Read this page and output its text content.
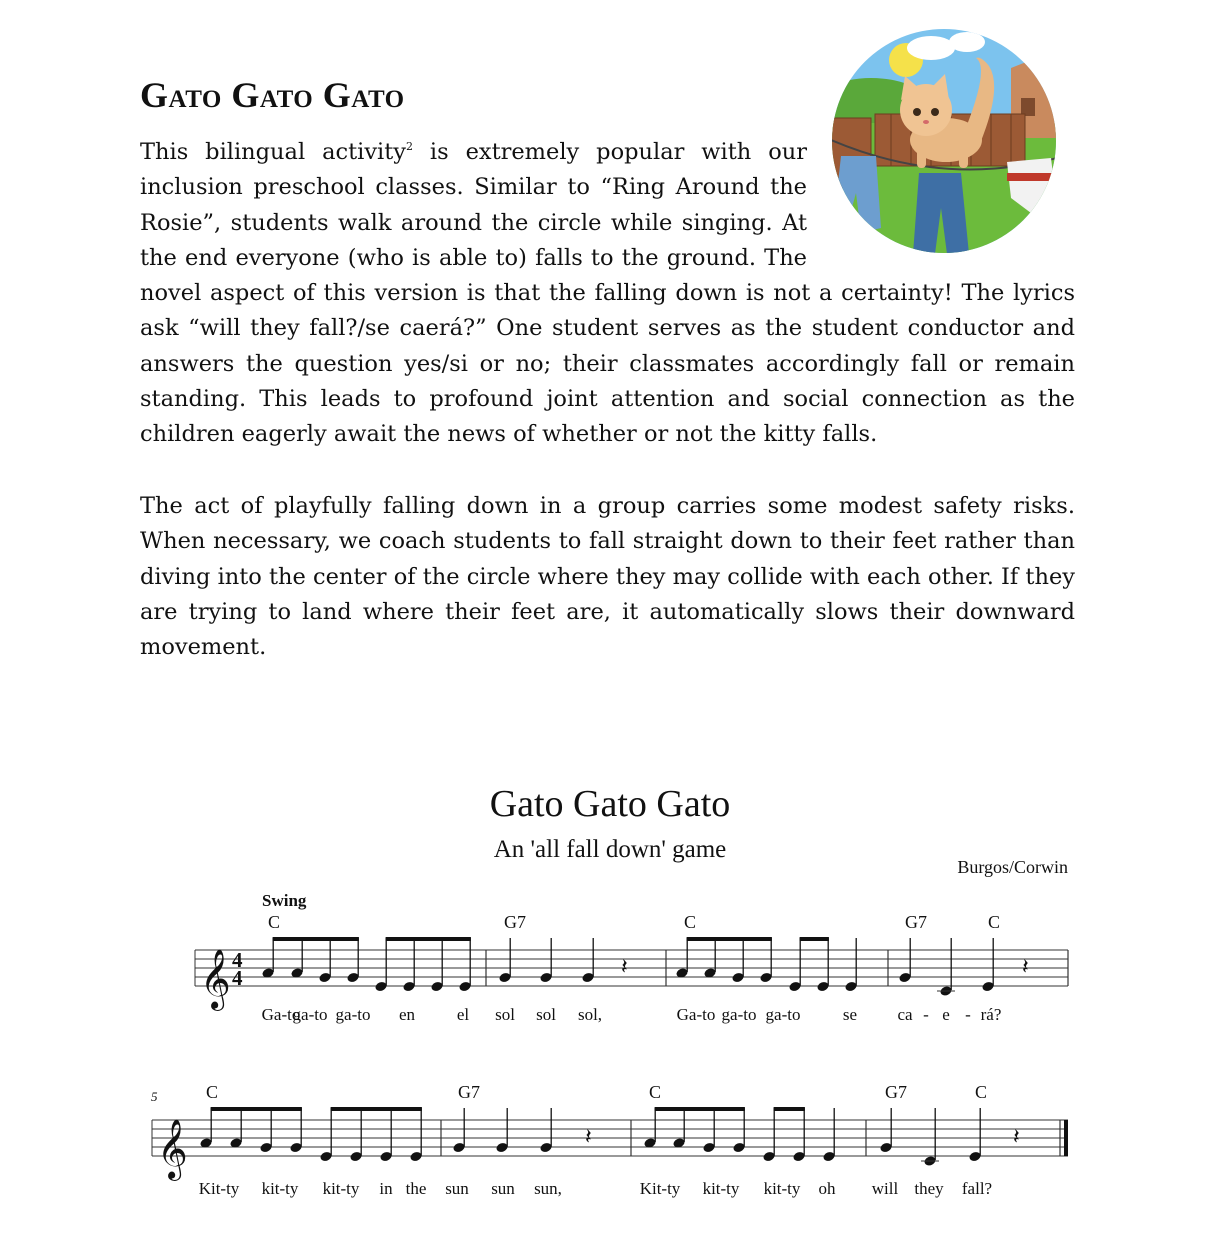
Gato Gato Gato

This bilingual activity$^2$ is extremely popular with our inclusion preschool classes. Similar to “Ring Around the Rosie”, students walk around the circle while singing. At the end everyone (who is able to) falls to the ground. The novel aspect of this version is that the falling down is not a certainty! The lyrics ask “will they fall?/se caerá?” One student serves as the student conductor and answers the question yes/si or no; their classmates accordingly fall or remain standing. This leads to profound joint attention and social connection as the children eagerly await the news of whether or not the kitty falls.

The act of playfully falling down in a group carries some modest safety risks. When necessary, we coach students to fall straight down to their feet rather than diving into the center of the circle where they may collide with each other. If they are trying to land where their feet are, it automatically slows their downward movement.

Gato Gato Gato
An 'all fall down' game
Burgos/Corwin
Swing
5
𝄞 4
4	𝄽	𝄽
C	G7	C	G7	C
Ga-to
ga-to ga-to en el sol sol sol,	Ga-to ga-to ga-to se ca - e - rá?
𝄞	𝄽	𝄽
C	G7	C	G7	C
Kit-ty kit-ty kit-ty in the sun sun sun,	Kit-ty kit-ty kit-ty oh will they fall?
